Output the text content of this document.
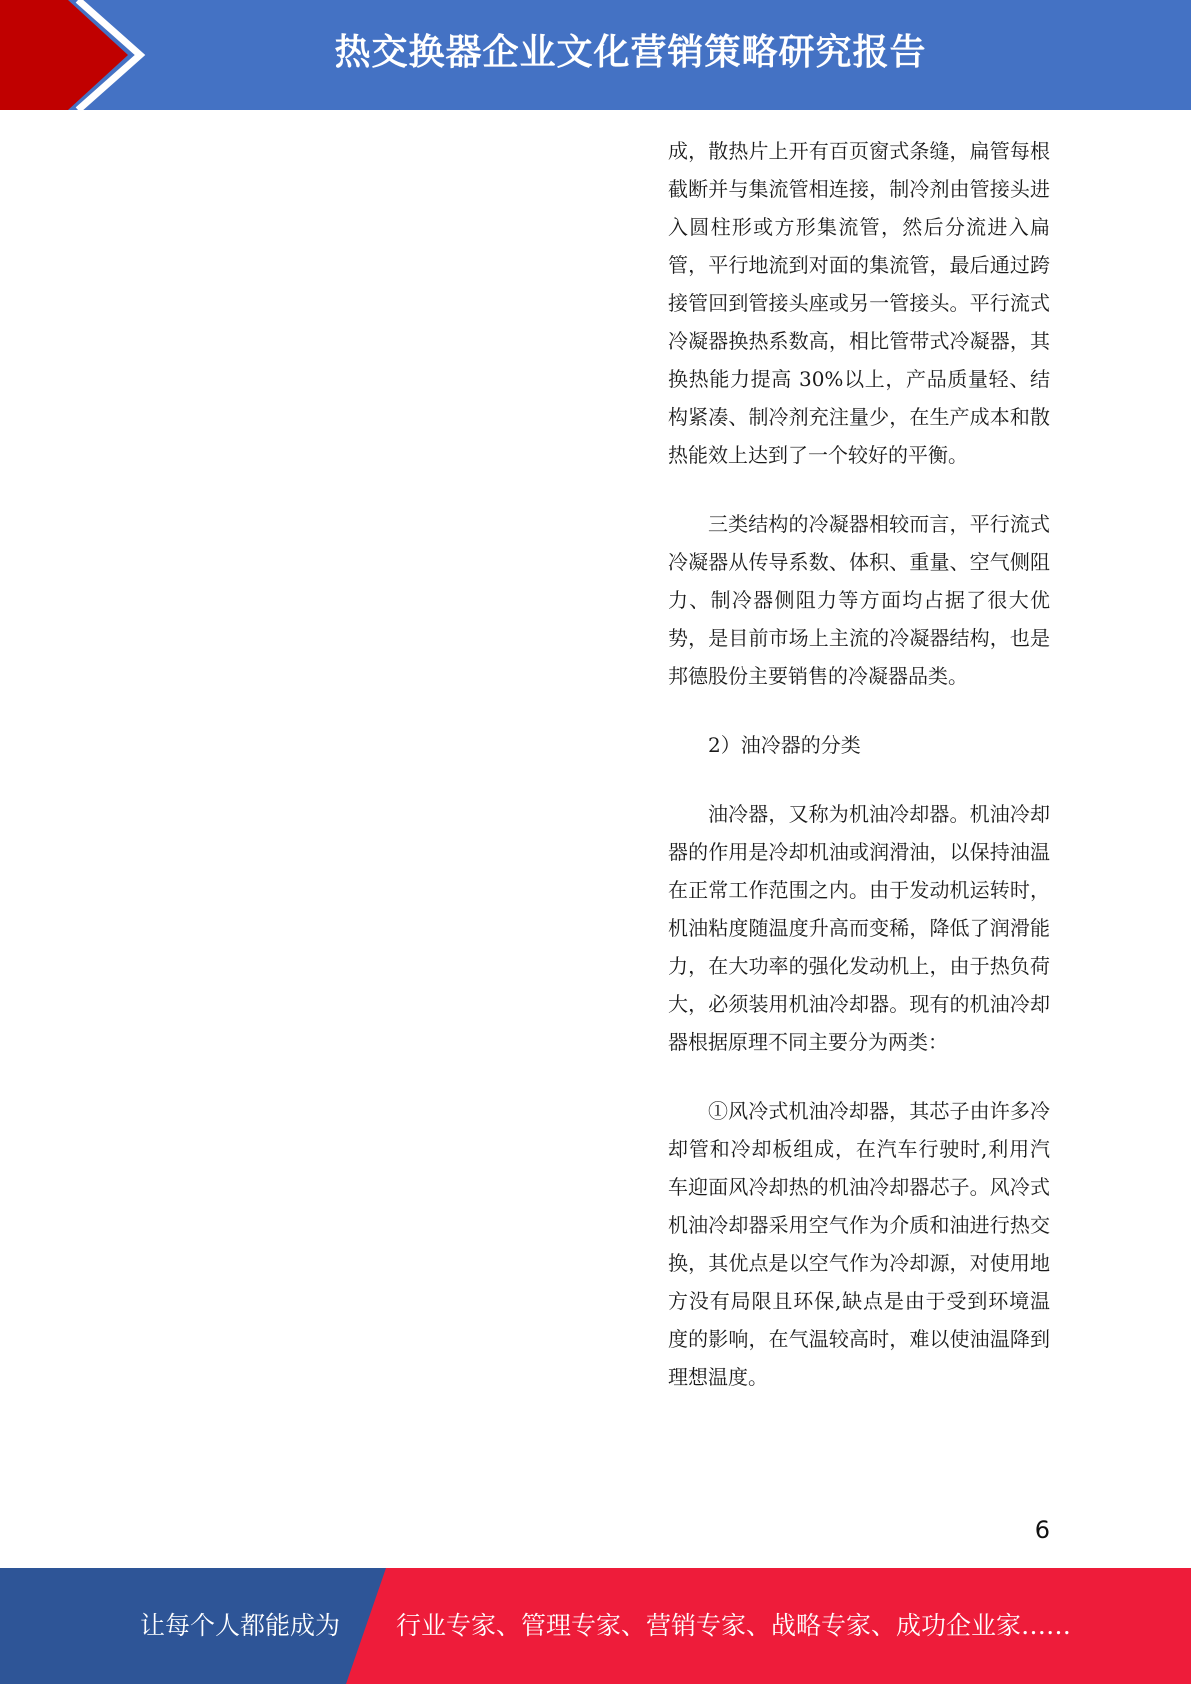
热交换器企业文化营销策略研究报告

成，散热片上开有百页窗式条缝，扁管每根截断并与集流管相连接，制冷剂由管接头进入圆柱形或方形集流管，然后分流进入扁管，平行地流到对面的集流管，最后通过跨接管回到管接头座或另一管接头。平行流式冷凝器换热系数高，相比管带式冷凝器，其换热能力提高 30%以上，产品质量轻、结构紧凑、制冷剂充注量少，在生产成本和散热能效上达到了一个较好的平衡。

三类结构的冷凝器相较而言，平行流式冷凝器从传导系数、体积、重量、空气侧阻力、制冷器侧阻力等方面均占据了很大优势，是目前市场上主流的冷凝器结构，也是邦德股份主要销售的冷凝器品类。

2）油冷器的分类

油冷器，又称为机油冷却器。机油冷却器的作用是冷却机油或润滑油，以保持油温在正常工作范围之内。由于发动机运转时，机油粘度随温度升高而变稀，降低了润滑能力，在大功率的强化发动机上，由于热负荷大，必须装用机油冷却器。现有的机油冷却器根据原理不同主要分为两类：

①风冷式机油冷却器，其芯子由许多冷却管和冷却板组成，在汽车行驶时,利用汽车迎面风冷却热的机油冷却器芯子。风冷式机油冷却器采用空气作为介质和油进行热交换，其优点是以空气作为冷却源，对使用地方没有局限且环保,缺点是由于受到环境温度的影响，在气温较高时，难以使油温降到理想温度。

6
让每个人都能成为	行业专家、管理专家、营销专家、战略专家、成功企业家……
